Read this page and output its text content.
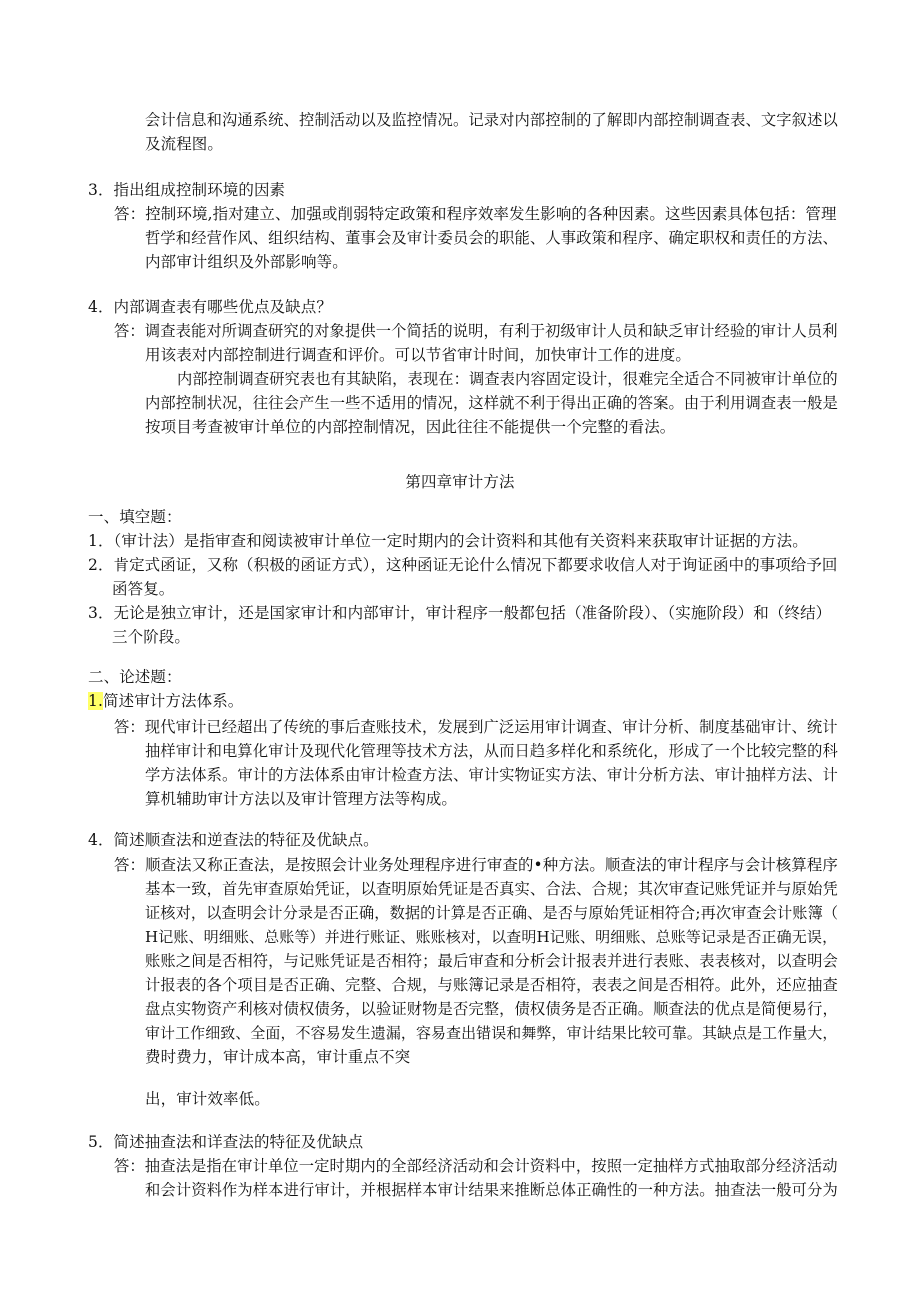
会计信息和沟通系统、控制活动以及监控情况。记录对内部控制的了解即内部控制调查表、文字叙述以
及流程图。
3．指出组成控制环境的因素
答：控制环境,指对建立、加强或削弱特定政策和程序效率发生影响的各种因素。这些因素具体包括：管理
哲学和经营作风、组织结构、董事会及审计委员会的职能、人事政策和程序、确定职权和责任的方法、
内部审计组织及外部影响等。
4．内部调查表有哪些优点及缺点？
答：调查表能对所调查研究的对象提供一个简括的说明，有利于初级审计人员和缺乏审计经验的审计人员利
用该表对内部控制进行调查和评价。可以节省审计时间，加快审计工作的进度。
内部控制调查研究表也有其缺陷，表现在：调查表内容固定设计，很难完全适合不同被审计单位的
内部控制状况，往往会产生一些不适用的情况，这样就不利于得出正确的答案。由于利用调查表一般是
按项目考查被审计单位的内部控制情况，因此往往不能提供一个完整的看法。
第四章审计方法
一、填空题：
1．（审计法）是指审查和阅读被审计单位一定时期内的会计资料和其他有关资料来获取审计证据的方法。
2．肯定式函证，又称（积极的函证方式），这种函证无论什么情况下都要求收信人对于询证函中的事项给予回
函答复。
3．无论是独立审计，还是国家审计和内部审计，审计程序一般都包括（准备阶段）、（实施阶段）和（终结）
三个阶段。
二、论述题：
1.简述审计方法体系。
答：现代审计已经超出了传统的事后查账技术，发展到广泛运用审计调查、审计分析、制度基础审计、统计
抽样审计和电算化审计及现代化管理等技术方法，从而日趋多样化和系统化，形成了一个比较完整的科
学方法体系。审计的方法体系由审计检查方法、审计实物证实方法、审计分析方法、审计抽样方法、计
算机辅助审计方法以及审计管理方法等构成。
4．简述顺查法和逆查法的特征及优缺点。
答：顺查法又称正查法，是按照会计业务处理程序进行审查的•种方法。顺查法的审计程序与会计核算程序
基本一致，首先审查原始凭证，以查明原始凭证是否真实、合法、合规；其次审查记账凭证并与原始凭
证核对，以查明会计分录是否正确，数据的计算是否正确、是否与原始凭证相符合;再次审查会计账簿（
H记账、明细账、总账等）并进行账证、账账核对，以查明H记账、明细账、总账等记录是否正确无误，
账账之间是否相符，与记账凭证是否相符；最后审查和分析会计报表并进行表账、表表核对，以查明会
计报表的各个项目是否正确、完整、合规，与账簿记录是否相符，表表之间是否相符。此外，还应抽查
盘点实物资产利核对债权债务，以验证财物是否完整，债权债务是否正确。顺查法的优点是简便易行，
审计工作细致、全面，不容易发生遗漏，容易查出错误和舞弊，审计结果比较可靠。其缺点是工作量大，
费时费力，审计成本高，审计重点不突
出，审计效率低。
5．简述抽查法和详查法的特征及优缺点
答：抽查法是指在审计单位一定时期内的全部经济活动和会计资料中，按照一定抽样方式抽取部分经济活动
和会计资料作为样本进行审计，并根据样本审计结果来推断总体正确性的一种方法。抽查法一般可分为
